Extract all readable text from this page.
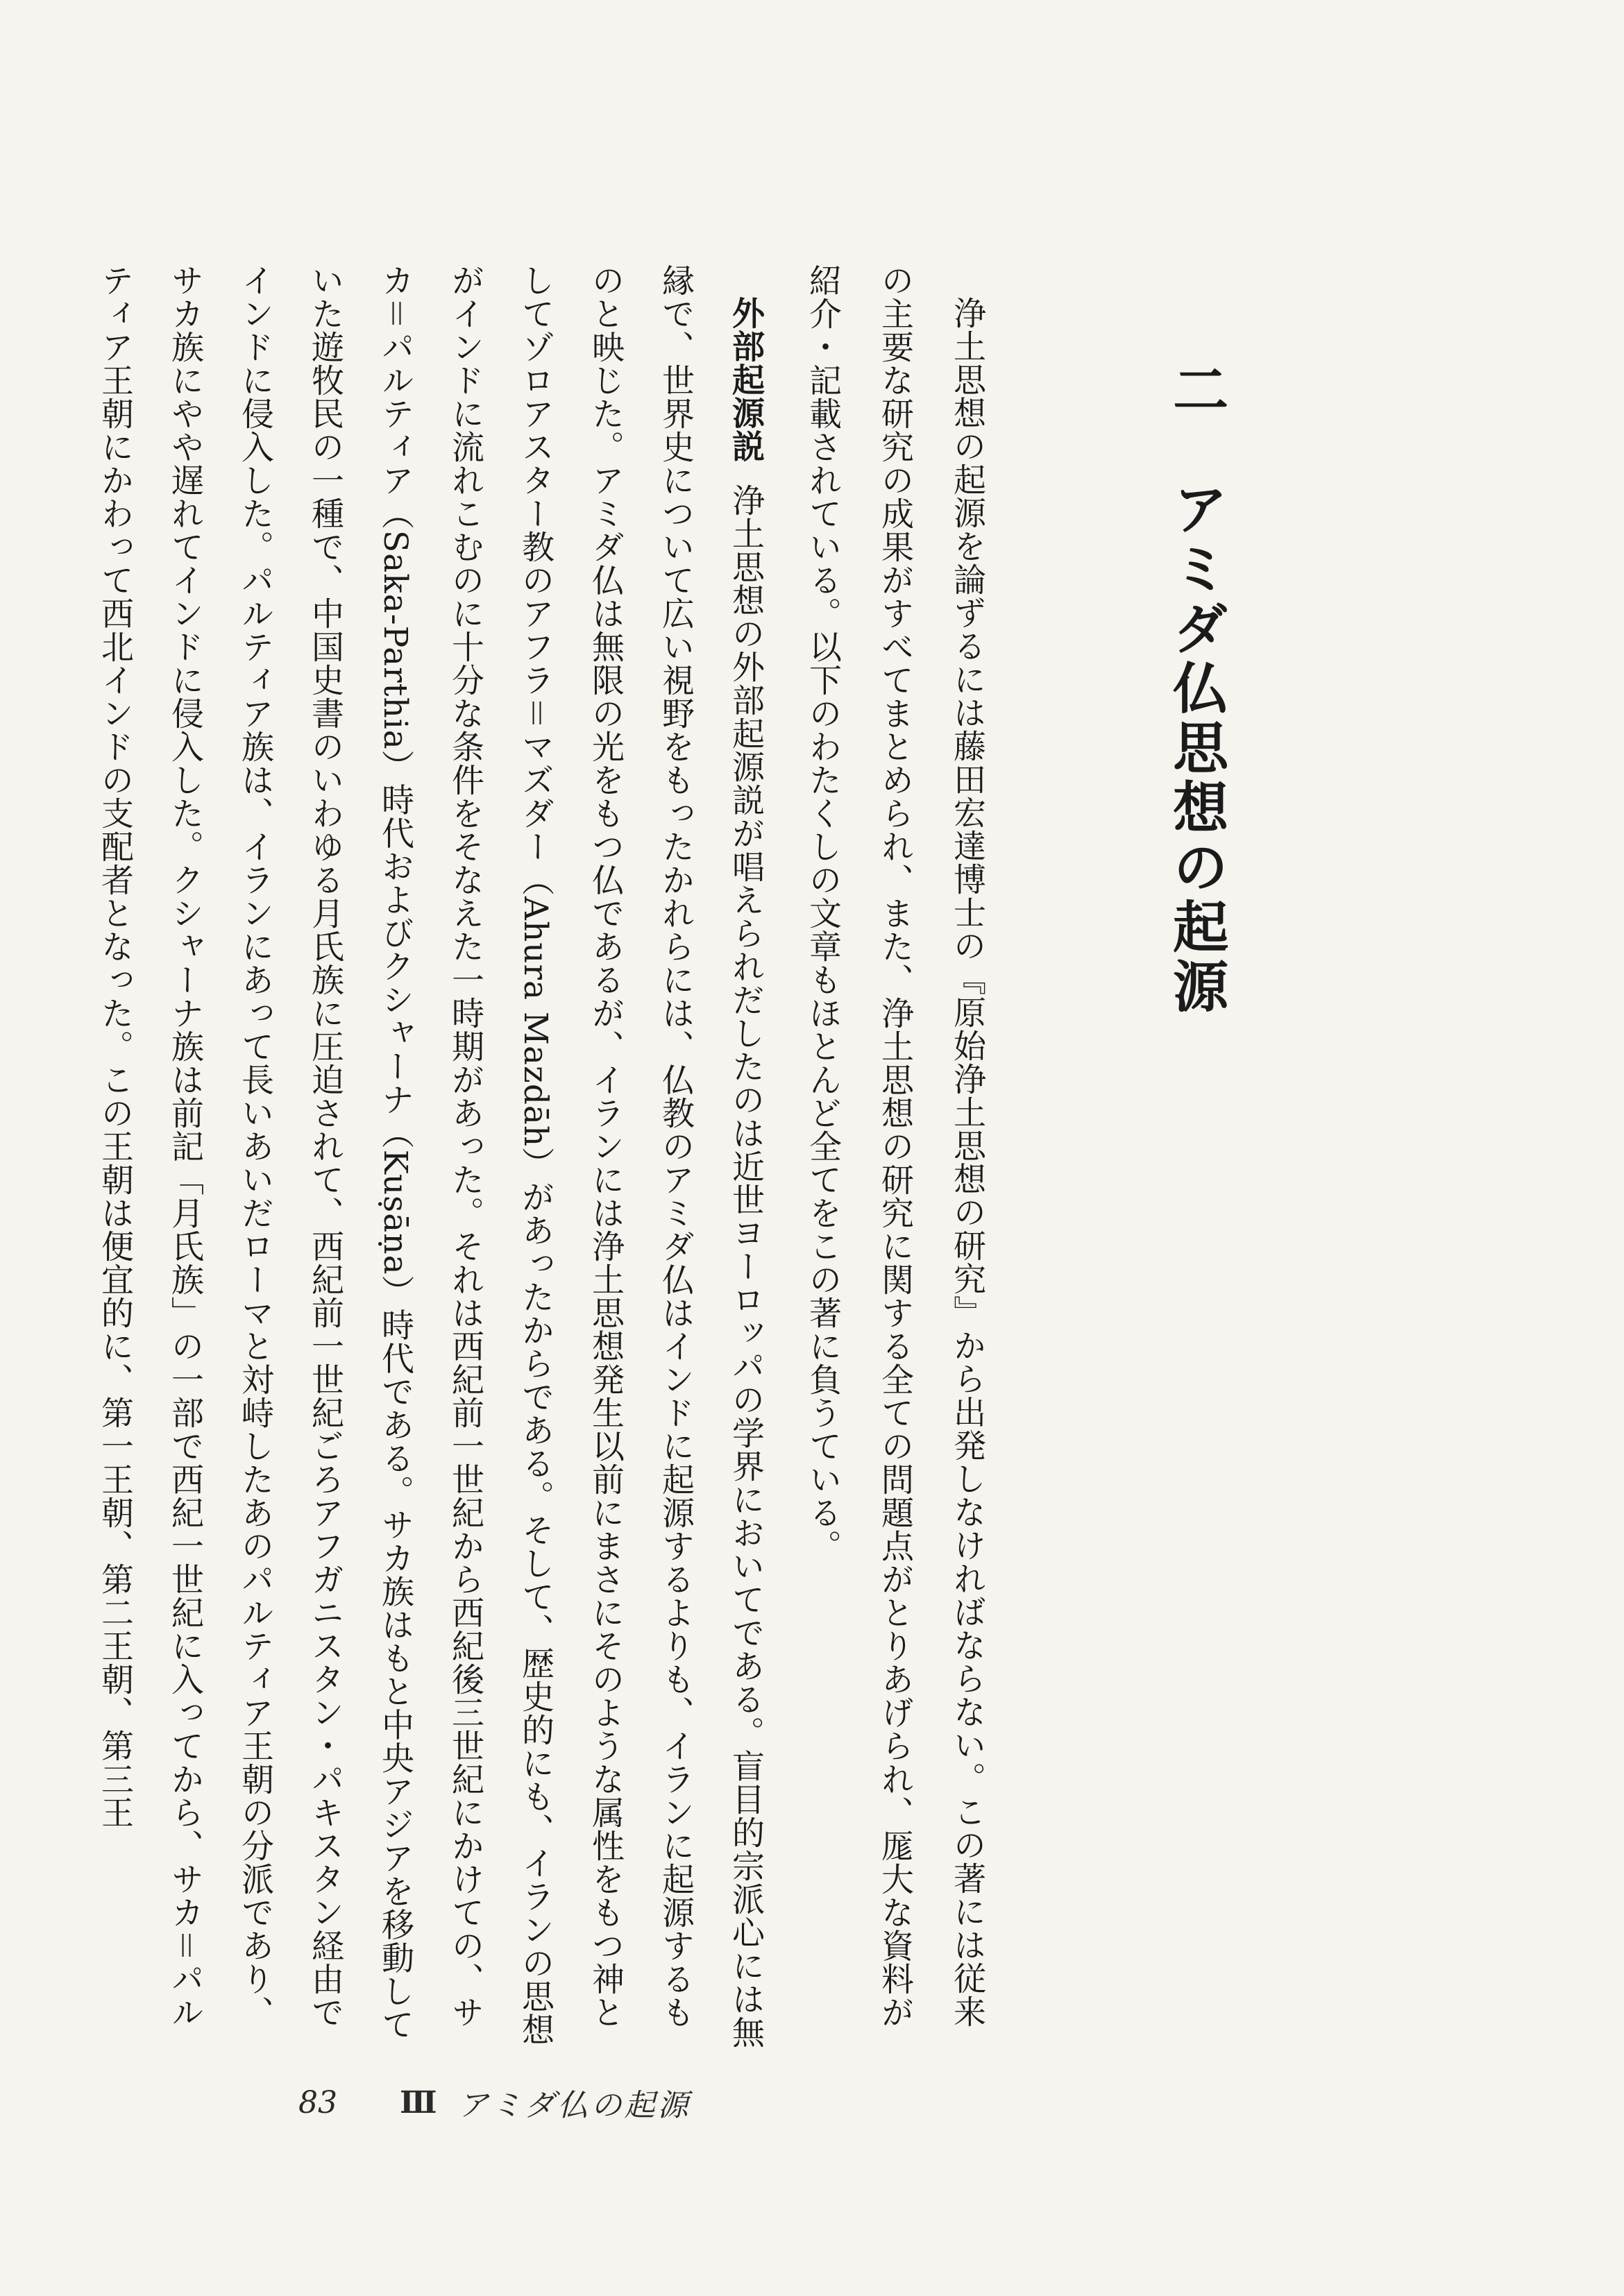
二　アミダ仏思想の起源

浄土思想の起源を論ずるには藤田宏達博士の『原始浄土思想の研究』から出発しなければならない。この著には従来の主要な研究の成果がすべてまとめられ、また、浄土思想の研究に関する全ての問題点がとりあげられ、厖大な資料が紹介・記載されている。以下のわたくしの文章もほとんど全てをこの著に負うている。

外部起源説浄土思想の外部起源説が唱えられだしたのは近世ヨーロッパの学界においてである。盲目的宗派心には無縁で、世界史について広い視野をもったかれらには、仏教のアミダ仏はインドに起源するよりも、イランに起源するものと映じた。アミダ仏は無限の光をもつ仏であるが、イランには浄土思想発生以前にまさにそのような属性をもつ神としてゾロアスター教のアフラ＝マズダー（Ahura Mazdāh）があったからである。そして、歴史的にも、イランの思想がインドに流れこむのに十分な条件をそなえた一時期があった。それは西紀前一世紀から西紀後三世紀にかけての、サカ＝パルティア（Saka-Parthia）時代およびクシャーナ（Kuṣāṇa）時代である。サカ族はもと中央アジアを移動していた遊牧民の一種で、中国史書のいわゆる月氏族に圧迫されて、西紀前一世紀ごろアフガニスタン・パキスタン経由でインドに侵入した。パルティア族は、イランにあって長いあいだローマと対峙したあのパルティア王朝の分派であり、サカ族にやや遅れてインドに侵入した。クシャーナ族は前記「月氏族」の一部で西紀一世紀に入ってから、サカ＝パルティア王朝にかわって西北インドの支配者となった。この王朝は便宜的に、第一王朝、第二王朝、第三王

83 Ⅲ アミダ仏の起源
